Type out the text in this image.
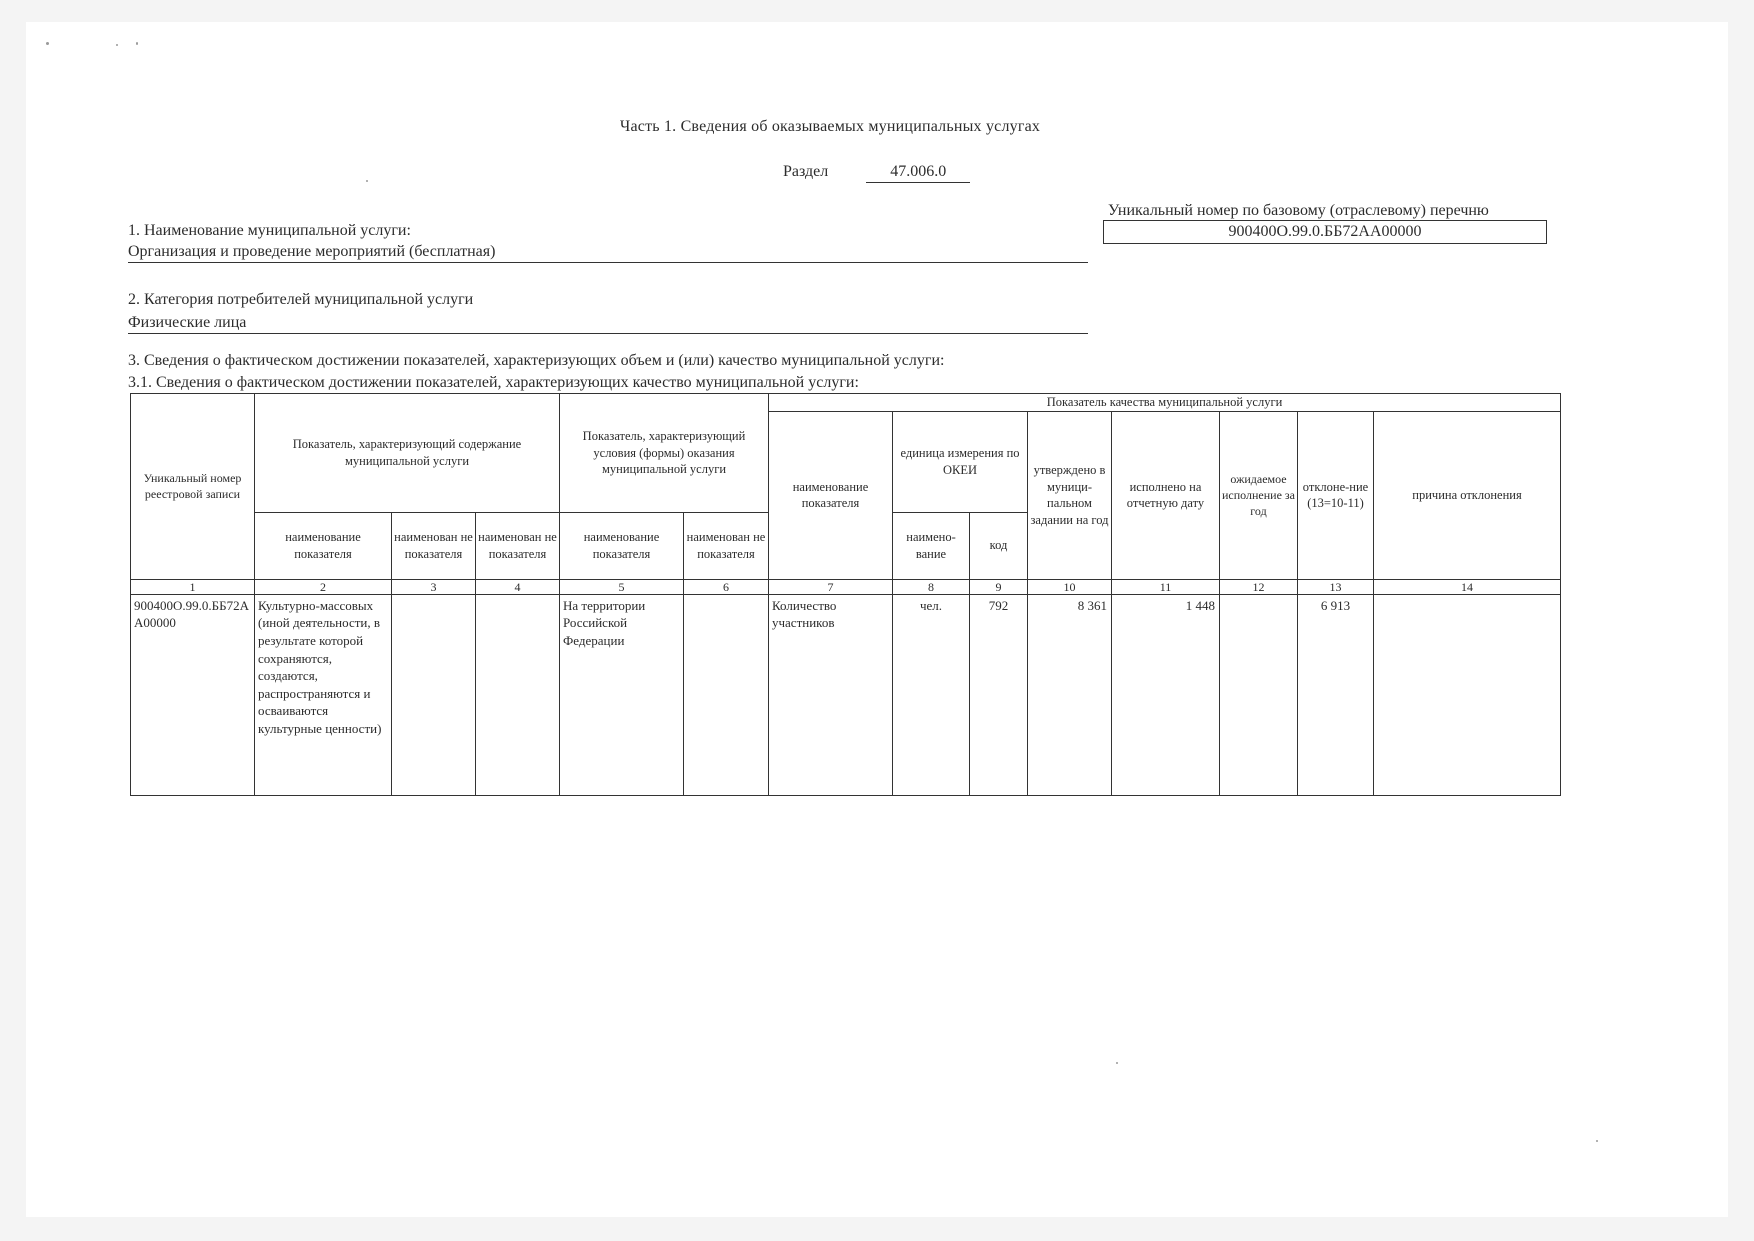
Часть 1. Сведения об оказываемых муниципальных услугах
Раздел	47.006.0
1. Наименование муниципальной услуги:
Организация и проведение мероприятий (бесплатная)
Уникальный номер по базовому (отраслевому) перечню
900400О.99.0.ББ72АА00000
2. Категория потребителей муниципальной услуги
Физические лица
3. Сведения о фактическом достижении показателей, характеризующих объем и (или) качество муниципальной услуги:
3.1. Сведения о фактическом достижении показателей, характеризующих качество муниципальной услуги:
Уникальный номер реестровой записи	Показатель, характеризующий содержание муниципальной услуги			Показатель, характеризующий условия (формы) оказания муниципальной услуги		Показатель качества муниципальной услуги							
						наименование показателя	единица измерения по ОКЕИ		утверждено в муници-пальном задании на год	исполнено на отчетную дату	ожидаемое исполнение за год	отклоне-ние (13=10-11)	причина отклонения
	наименование показателя	наименован не показателя	наименован не показателя	наименование показателя	наименован не показателя		наимено-вание	код					
1	2	3	4	5	6	7	8	9	10	11	12	13	14
900400О.99.0.ББ72АА00000	Культурно-массовых (иной деятельности, в результате которой сохраняются, создаются, распространяются и осваиваются культурные ценности)			На территории Российской Федерации		Количество участников	чел.	792	8 361	1 448		6 913	
